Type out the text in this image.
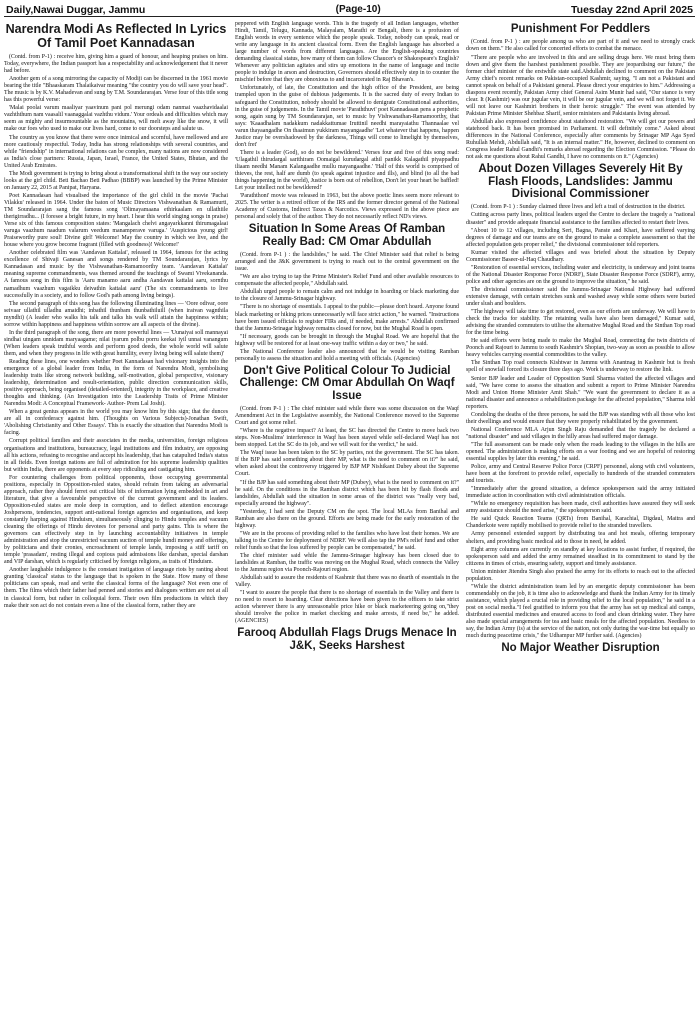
Daily,Nawai Duggar, Jammu	(Page-10)	Tuesday 22nd April 2025
Narendra Modi As Reflected In Lyrics Of Tamil Poet Kannadasan
(Contd. from P-1) : receive him, giving him a guard of honour, and heaping praises on him. Today, everywhere, the Indian passport has a respectability and acknowledgement that it never had before.
Another gem of a song mirroring the capacity of Modiji can be discerned in the 1961 movie bearing the title "Bhaaskaram Thalaikaivar meaning "the country you do will save your head". The music is by K.V. Mahadevan and sung by T.M. Soundararajan. Verse four of this title song has this powerful verse:
'Malai poolai varum maaliyar yaavinum pani pol merungi odam nanmai vaazhavidaalai vazhththum nam vaasalil vaanaggalai vazhthu vidum.' Your ordeals and difficulties which may seem as mighty and insurmountable as the mountains, will melt away like the snow, it will make our foes who used to make our lives hard, come to our doorsteps and salute us.
The country as you know that there were once inimical and scornful, have mellowed and are more cautiously respectful. Today, India has strong relationships with several countries, and while "friendship" in international relations can be complex, many nations are now considered as India's close partners: Russia, Japan, Israel, France, the United States, Bhutan, and the United Arab Emirates.
The Modi government is trying to bring about a transformational shift in the way our society looks at the girl child. Beti Bachao Beti Padhao (BBBP) was launched by the Prime Minister on January 22, 2015 at Panipat, Haryana.
Poet Kannadasan had visualised the importance of the girl child in the movie 'Pachai Vilakku' released in 1964. Under the baton of Music Directors Vishwanathan & Ramamurti, TM Soundararajan sang the famous song 'Olimayamaana ethirkaalam en ullathiile therigirradhu... (I foresee a bright future, in my heart. I hear this world singing songs in praise) Verse six of this famous composition states: 'Mangalach chelvi angayarkkanni thirumagalaai varuga vaazhum naadum valarum veedum manamperave varuga.' 'Auspicious young girl! Praiseworthy pure soul! Divine girl! Welcome! May the country in which we live, and the house where you grow become fragrant (filled with goodness)! Welcome!'
Another celebrated film was 'Aandavan Kattalai', released in 1964, famous for the acting excellence of Shivaji Ganesan and songs rendered by TM Soundararajan, lyrics by Kannadasan and music by the Vishwanathan-Ramamoorthy team. 'Aandavan Kattalai' meaning supreme commandments, was themed around the teachings of Swami Vivekananda. A famous song in this film is 'Aaru manamo aaru andha Aandavan kattalai aaru, sornthu namadhum vaazhum vagaikku deivathin kattalai aaru' (The six commandments to live successfully in a society, and to follow God's path among living beings).
The second paragraph of this song has the following illuminating lines — 'Oore odivar, oore seivaar ullathil ulladhu amaidhi; inbathil thunbam thunbathiluill (when iraivan vagnthila myndhi) (A leader who walks his talk and talks his walk will attain the happiness within; sorrow within happiness and happiness within sorrow are all aspects of the divine).
In the third paragraph of the song, there are more powerful lines — 'Uunaiyai soll mannayai sindhai uingam unnidam maryaagame; nilai iyarum polbu porru keekai iyil unnai vanangum (When leaders speak truthful words and perform good deeds, the whole world will salute them, and when they progress in life with great humility, every living being will salute them)'
Reading these lines, one wonders whether Poet Kannadasan had visionary insights into the emergence of a global leader from India, in the form of Narendra Modi, symbolising leadership traits like strong network building, self-motivation, global perspective, visionary leadership, determination and result-orientation, public direction communication skills, positive approach, being organised (detailed-oriented), integrity in the workplace, and creative thoughts and thinking. (An Investigation into the Leadership Traits of Prime Minister Narendra Modi: A Conceptual Framework- Author- Prem Lal Joshi).
When a great genius appears in the world you may know him by this sign; that the dunces are all in confederacy against him. (Thoughts on Various Subjects)-Jonathan Swift, 'Abolishing Christianity and Other Essays'. This is exactly the situation that Narendra Modi is facing.
Corrupt political families and their associates in the media, universities, foreign religious organisations and institutions, bureaucracy, legal institutions and film industry, are opposing all his actions, refusing to recognise and accept his leadership, that has catapulted India's status in all fields. Even foreign nations are full of admiration for his supreme leadership qualities but within India, there are opponents at every step ridiculing and castigating him.
For countering challenges from political opponents, those occupying governmental positions, especially in Opposition-ruled states, should refrain from taking an adversarial approach, rather they should ferret out critical bits of information lying embedded in art and literature, that give a favourable perspective of the current government and its leaders. Opposition-ruled states are mole deep in corruption, and to deflect attention encourage Joshpersons, tendencies, support anti-national foreign agencies and organisations, and keep constantly harping against Hinduism, simultaneously clinging to Hindu temples and vacuum cleaning the offerings of Hindu devotees for personal and party gains. This is where the governors can effectively step in by launching accountability initiatives in temple administration and stop the unrestricted vacuum suction of temple hundi money and offerings, by politicians and their cronies, encroachment of temple lands, imposing a stiff tariff on temple 'prasadam', resting illegal and copious paid admissions like darshan, special darshan and VIP darshan, which is regularly criticised by foreign religions, as traits of Hinduism.
Another laughable indulgence is the constant instigation of language riots by ranting about granting 'classical' status to the language that is spoken in the State. How many of these politicians can speak, read and write the classical forms of the language? Not even one of them. The films which their father had penned and stories and dialogues written are not at all in classical form, but rather in colloquial form. Their own film productions in which they make their son act do not contain even a line of the classical form, rather they are
peppered with English language words. This is the tragedy of all Indian languages, whether Hindi, Tamil, Telugu, Kannada, Malayalam, Marathi or Bengali, there is a profusion of English words in every sentence which the people speak. Today, nobody can speak, read or write any language in its ancient classical form. Even the English language has absorbed a large number of words from different languages. Are the English-speaking countries demanding classical status, how many of them can follow Chaucer's or Shakespeare's English? Whenever any politician agitates and stirs up emotions in the name of language and incite people to indulge in arson and destruction, Governors should effectively step in to counter the mischief before that they are obnoxious to and incarcerated in Raj Bhavan's.
Unfortunately, of late, the Constitution and the high office of the President, are being trampled upon in the guise of dubious judgements. It is the sacred duty of every Indian to safeguard the Constitution, nobody should be allowed to denigrate Constitutional authorities, in the guise of judgements. In the Tamil movie 'Paraththuvi' poet Kannadasan pens a prophetic song, again sung by TM Soundararajan, set to music by Vishwanathan-Ramamoorthy, that says: 'Kaaadhalam nadakkum nadakkattumae Iruttinil needhi marayaiathu Thannaalae vel varun thayaangadhe On thaaimun yukkiram mayangaadhe' 'Let whatever that happens, happen Justice may be overshadowed by the darkness, Things will come to limelight by themselves, don't fret'
There is a leader (God), so do not be bewildered.' Verses four and five of this song read: 'Ulagathil thirudargal sarithiram Oomaigal kurudargal athil panikk Kalagathil piyappadhu iliaam needhi Manam Kalangaadhe mullu mayangaadhe.' 'Half of this world is comprised of thieves, the rest, half are dumb (to speak against injustice and ills), and blind (to all the bad things happening in the world), Justice is born out of rebellion, Don't let your heart be baffled! Let your intellect not be bewildered!'
'Paraththoni' movie was released in 1963, but the above poetic lines seem more relevant to 2025. The writer is a retired officer of the IRS and the former director general of the National Academy of Customs, Indirect Taxes & Narcotics. Views expressed in the above piece are personal and solely that of the author. They do not necessarily reflect ND's views.
Situation In Some Areas Of Ramban Really Bad: CM Omar Abdullah
(Contd. from P-1 ) : the landslides," he said. The Chief Minister said that relief is being arranged and the J&K government is trying to reach out to the central government on the issue.
"We are also trying to tap the Prime Minister's Relief Fund and other available resources to compensate the affected people," Abdullah said.
Abdullah urged people to remain calm and not indulge in hoarding or black marketing due to the closure of Jammu-Srinagar highway.
"There is no shortage of essentials. I appeal to the public—please don't hoard. Anyone found black marketing or hiking prices unnecessarily will face strict action," he warned. "Instructions have been issued officials to register FIRs and, if needed, make arrests." Abdullah confirmed that the Jammu-Srinagar highway remains closed for now, but the Mughal Road is open.
"If necessary, goods can be brought in through the Mughal Road. We are hopeful that the highway will be restored for at least one-way traffic within a day or two," he said.
The National Conference leader also announced that he would be visiting Ramban personally to assess the situation and hold a meeting with officials. (Agencies)
Don't Give Political Colour To Judicial Challenge: CM Omar Abdullah On Waqf Issue
(Contd. from P-1 ) : The chief minister said while there was some discussion on the Waqf Amendment Act in the Legislative assembly, the National Conference moved to the Supreme Court and got some relief.
"Where is the negative impact? At least, the SC has directed the Centre to move back two steps. Non-Muslims' interference in Waqf has been stayed while self-declared Waqf has not been stopped. Let the SC do its job, and we will wait for the verdict," he said.
The Waqf issue has been taken to the SC by parties, not the government. The SC has taken. If the BJP has said something about their MP, what is the need to comment on it?" he said, when asked about the controversy triggered by BJP MP Nishikant Dubey about the Supreme Court.
"If the BJP has said something about their MP (Dubey), what is the need to comment on it?" he said. On the conditions in the Ramban district which has been hit by flash floods and landslides, Abdullah said the situation in some areas of the district was "really very bad, especially around the highway".
"Yesterday, I had sent the Deputy CM on the spot. The local MLAs from Banihal and Ramban are also there on the ground. Efforts are being made for the early restoration of the highway.
"We are in the process of providing relief to the families who have lost their homes. We are talking to the Centre for deployment of NDRF. We will also tap the PM's relief fund and other relief funds so that the loss suffered by people can be compensated," he said.
The chief minister said while the Jammu-Srinagar highway has been closed due to landslides at Ramban, the traffic was moving on the Mughal Road, which connects the Valley to the Jammu region via Poonch-Rajouri region.
Abdullah said to assure the residents of Kashmir that there was no dearth of essentials in the Valley.
"I want to assure the people that there is no shortage of essentials in the Valley and there is no need to resort to hoarding. Clear directions have been given to the officers to take strict action wherever there is any unreasonable price hike or black marketeering going on,"they should involve the police in market checking and make arrests, if need be," he added. (AGENCIES)
Farooq Abdullah Flags Drugs Menace In J&K, Seeks Harshest
Punishment For Peddlers
(Contd. from P-1 ) : are people among us who are part of it and we need to strongly crack down on them." He also called for concerted efforts to combat the menace.
"There are people who are involved in this and are selling drugs here. We must bring them down and give them the harshest punishment possible. They are jeopardising our future," the former chief minister of the erstwhile state said.Abdullah declined to comment on the Pakistan Army chief's recent remarks on Pakistan-occupied Kashmir, saying, "I am not a Pakistani and cannot speak on behalf of a Pakistani general. Please direct your enquiries to him." Addressing a diaspora event recently, Pakistan Army chief General Asim Munir had said, "Our stance is very clear. It (Kashmir) was our jugular vein, it will be our jugular vein, and we will not forget it. We will not leave our Kashmiri brothers in their heroic struggle." The event was attended by Pakistan Prime Minister Shehbaz Sharif, senior ministers and Pakistanis living abroad.
Abdullah also expressed confidence about statehood restoration. "We will get our powers and statehood back. It has been promised in Parliament. It will definitely come." Asked about differences in the National Conference, especially after comments by Srinagar MP Aga Syed Ruhullah Mehdi, Abdullah said, "It is an internal matter." He, however, declined to comment on Congress leader Rahul Gandhi's remarks abroad regarding the Election Commission. "Please do not ask me questions about Rahul Gandhi, I have no comments on it." (Agencies)
About Dozen Villages Severely Hit By Flash Floods, Landslides: Jammu Divisional Commissioner
(Contd. from P-1 ) : Sunday claimed three lives and left a trail of destruction in the district.
Cutting across party lines, political leaders urged the Centre to declare the tragedy a "national disaster" and provide adequate financial assistance to the families affected to restart their lives.
"About 10 to 12 villages, including Seri, Bagna, Panste and Khari, have suffered varying degrees of damage and our teams are on the ground to make a complete assessment so that the affected population gets proper relief," the divisional commissioner told reporters.
Kumar visited the affected villages and was briefed about the situation by Deputy Commissioner Baseer-ul-Haq Chaudhary.
"Restoration of essential services, including water and electricity, is underway and joint teams of the National Disaster Response Force (NDRF), State Disaster Response Force (SDRF), army, police and other agencies are on the ground to improve the situation," he said.
The divisional commissioner said the Jammu-Srinagar National Highway had suffered extensive damage, with certain stretches sunk and washed away while some others were buried under slush and boulders.
"The highway will take time to get restored, even as our efforts are underway. We will have to check the tracks for stability. The retaining walls have also been damaged," Kumar said, advising the stranded commuters to utilise the alternative Mughal Road and the Sinthan Top road for the time being.
He said efforts were being made to make the Mughal Road, connecting the twin districts of Poonch and Rajouri to Jammu to south Kashmir's Shopian, two-way as soon as possible to allow heavy vehicles carrying essential commodities to the valley.
The Sinthan Top road connects Kishtwar in Jammu with Anantnag in Kashmir but is fresh spell of snowfall forced its closure three days ago. Work is underway to restore the link.
Senior BJP leader and Leader of Opposition Sunil Sharma visited the affected villages and said, "We have come to assess the situation and submit a report to Prime Minister Narendra Modi and Union Home Minister Amit Shah." "We want the government to declare it as a national disaster and announce a rehabilitation package for the affected population," Sharma told reporters.
Condoling the deaths of the three persons, he said the BJP was standing with all those who lost their dwellings and would ensure that they were properly rehabilitated by the government.
National Conference MLA Arjun Singh Raju demanded that the tragedy be declared a "national disaster" and said villages in the hilly areas had suffered major damage.
"The full assessment can be made only when the roads leading to the villages in the hills are opened. The administration is making efforts on a war footing and we are hopeful of restoring essential supplies by later this evening," he said.
Police, army and Central Reserve Police Force (CRPF) personnel, along with civil volunteers, have been at the forefront to provide relief, especially to hundreds of the stranded commuters and tourists.
"Immediately after the ground situation, a defence spokesperson said the army initiated immediate action in coordination with civil administration officials.
"While no emergency requisition has been made, civil authorities have assured they will seek army assistance should the need arise," the spokesperson said.
He said Quick Reaction Teams (QRTs) from Banihal, Karachial, Digdaul, Maitra and Chanderkote were rapidly mobilised to provide relief to the stranded travellers.
Army personnel extended support by distributing tea and hot meals, offering temporary shelters, and providing basic medical aid to those in need, he added.
Eight army columns are currently on standby at key locations to assist further, if required, the spokesperson said and added the army remained steadfast in its commitment to stand by the citizens in times of crisis, ensuring safety, support and timely assistance.
Union minister Jitendra Singh also praised the army for its efforts to reach out to the affected population.
"While the district administration team led by an energetic deputy commissioner has been commendably on the job, it is time also to acknowledge and thank the Indian Army for its timely assistance, which played a crucial role in providing relief to the local population," he said in a post on social media."I feel gratified to inform you that the army has set up medical aid camps, distributed essential medicines and ensured access to food and clean drinking water. They have also made special arrangements for tea and basic meals for the affected population. Needless to say, the Indian Army (is) at the service of the nation, not only during the war-time but equally so much during peacetime crisis," the Udhampur MP further said. (Agencies)
No Major Weather Disruption
